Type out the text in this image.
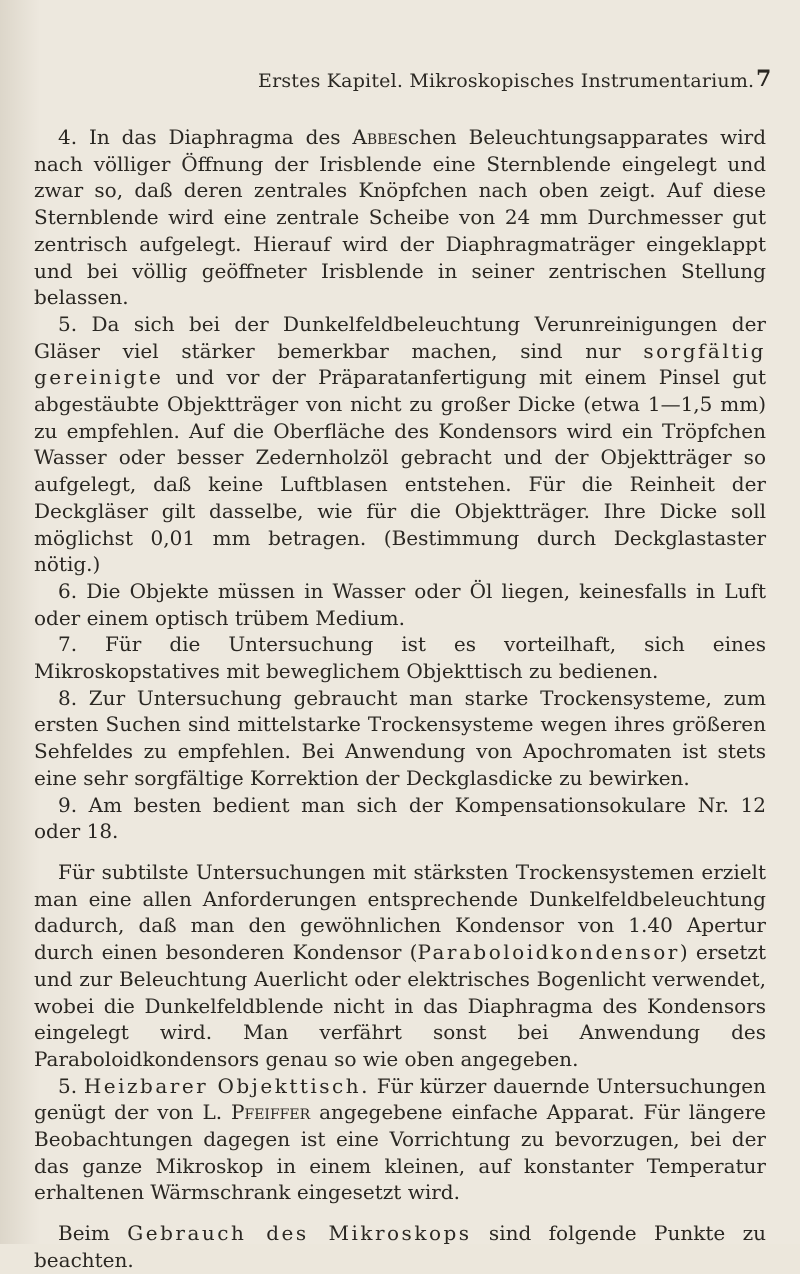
Erstes Kapitel. Mikroskopisches Instrumentarium. 7

4. In das Diaphragma des Abbeschen Beleuchtungsapparates wird nach völliger Öffnung der Irisblende eine Sternblende eingelegt und zwar so, daß deren zentrales Knöpfchen nach oben zeigt. Auf diese Sternblende wird eine zentrale Scheibe von 24 mm Durchmesser gut zentrisch aufgelegt. Hierauf wird der Diaphragmaträger eingeklappt und bei völlig geöffneter Irisblende in seiner zentrischen Stellung belassen.

5. Da sich bei der Dunkelfeldbeleuchtung Verunreinigungen der Gläser viel stärker bemerkbar machen, sind nur sorgfältig gereinigte und vor der Präparatanfertigung mit einem Pinsel gut abgestäubte Objektträger von nicht zu großer Dicke (etwa 1—1,5 mm) zu empfehlen. Auf die Oberfläche des Kondensors wird ein Tröpfchen Wasser oder besser Zedernholzöl gebracht und der Objektträger so aufgelegt, daß keine Luftblasen entstehen. Für die Reinheit der Deckgläser gilt dasselbe, wie für die Objektträger. Ihre Dicke soll möglichst 0,01 mm betragen. (Bestimmung durch Deckglastaster nötig.)

6. Die Objekte müssen in Wasser oder Öl liegen, keinesfalls in Luft oder einem optisch trübem Medium.

7. Für die Untersuchung ist es vorteilhaft, sich eines Mikroskopstatives mit beweglichem Objekttisch zu bedienen.

8. Zur Untersuchung gebraucht man starke Trockensysteme, zum ersten Suchen sind mittelstarke Trockensysteme wegen ihres größeren Sehfeldes zu empfehlen. Bei Anwendung von Apochromaten ist stets eine sehr sorgfältige Korrektion der Deckglasdicke zu bewirken.

9. Am besten bedient man sich der Kompensationsokulare Nr. 12 oder 18.

Für subtilste Untersuchungen mit stärksten Trockensystemen erzielt man eine allen Anforderungen entsprechende Dunkelfeldbeleuchtung dadurch, daß man den gewöhnlichen Kondensor von 1.40 Apertur durch einen besonderen Kondensor (Paraboloidkondensor) ersetzt und zur Beleuchtung Auerlicht oder elektrisches Bogenlicht verwendet, wobei die Dunkelfeldblende nicht in das Diaphragma des Kondensors eingelegt wird. Man verfährt sonst bei Anwendung des Paraboloidkondensors genau so wie oben angegeben.

5. Heizbarer Objekttisch. Für kürzer dauernde Untersuchungen genügt der von L. Pfeiffer angegebene einfache Apparat. Für längere Beobachtungen dagegen ist eine Vorrichtung zu bevorzugen, bei der das ganze Mikroskop in einem kleinen, auf konstanter Temperatur erhaltenen Wärmschrank eingesetzt wird.

Beim Gebrauch des Mikroskops sind folgende Punkte zu beachten.
